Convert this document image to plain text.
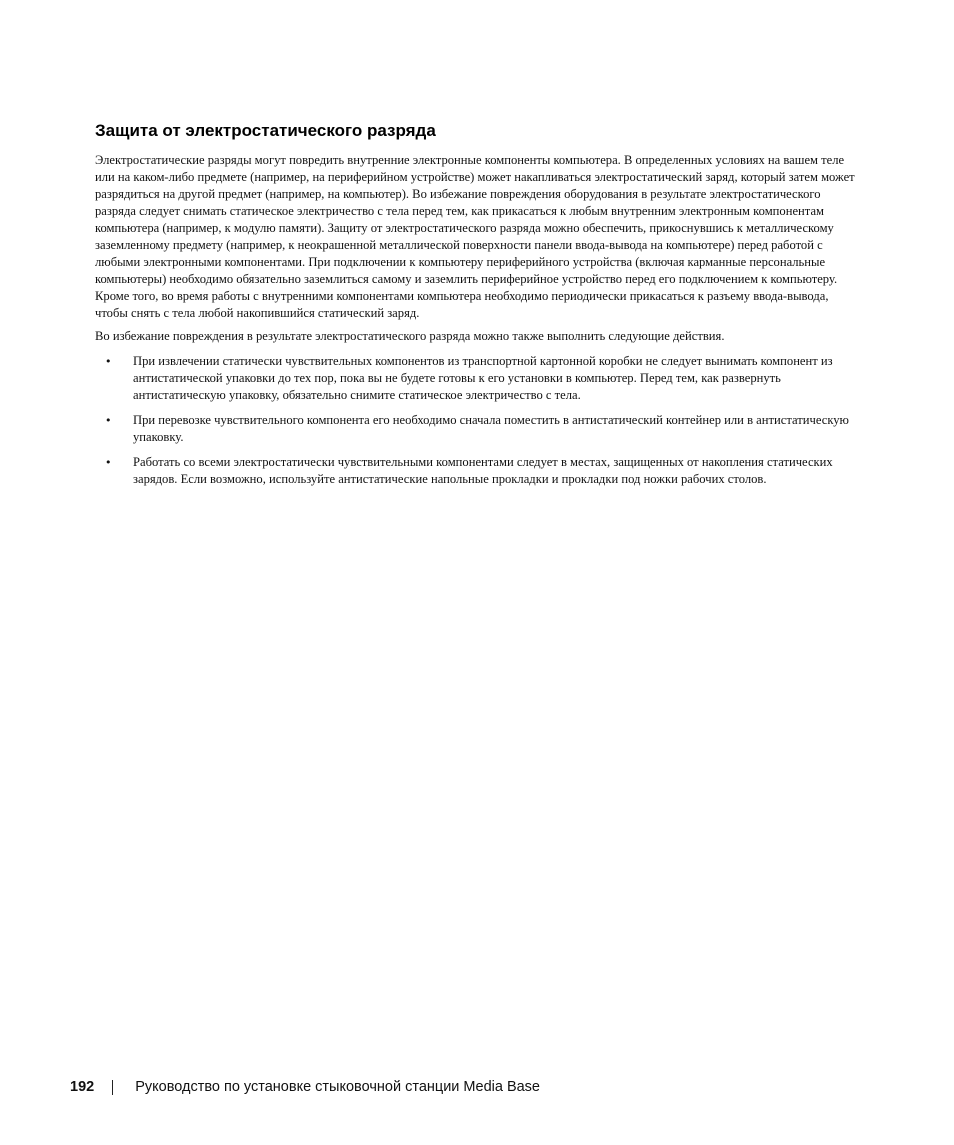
Защита от электростатического разряда

Электростатические разряды могут повредить внутренние электронные компоненты компьютера. В определенных условиях на вашем теле или на каком-либо предмете (например, на периферийном устройстве) может накапливаться электростатический заряд, который затем может разрядиться на другой предмет (например, на компьютер). Во избежание повреждения оборудования в результате электростатического разряда следует снимать статическое электричество с тела перед тем, как прикасаться к любым внутренним электронным компонентам компьютера (например, к модулю памяти). Защиту от электростатического разряда можно обеспечить, прикоснувшись к металлическому заземленному предмету (например, к неокрашенной металлической поверхности панели ввода-вывода на компьютере) перед работой с любыми электронными компонентами. При подключении к компьютеру периферийного устройства (включая карманные персональные компьютеры) необходимо обязательно заземлиться самому и заземлить периферийное устройство перед его подключением к компьютеру. Кроме того, во время работы с внутренними компонентами компьютера необходимо периодически прикасаться к разъему ввода-вывода, чтобы снять с тела любой накопившийся статический заряд.

Во избежание повреждения в результате электростатического разряда можно также выполнить следующие действия.

• При извлечении статически чувствительных компонентов из транспортной картонной коробки не следует вынимать компонент из антистатической упаковки до тех пор, пока вы не будете готовы к его установки в компьютер. Перед тем, как развернуть антистатическую упаковку, обязательно снимите статическое электричество с тела.
• При перевозке чувствительного компонента его необходимо сначала поместить в антистатический контейнер или в антистатическую упаковку.
• Работать со всеми электростатически чувствительными компонентами следует в местах, защищенных от накопления статических зарядов. Если возможно, используйте антистатические напольные прокладки и прокладки под ножки рабочих столов.
192	Руководство по установке стыковочной станции Media Base
